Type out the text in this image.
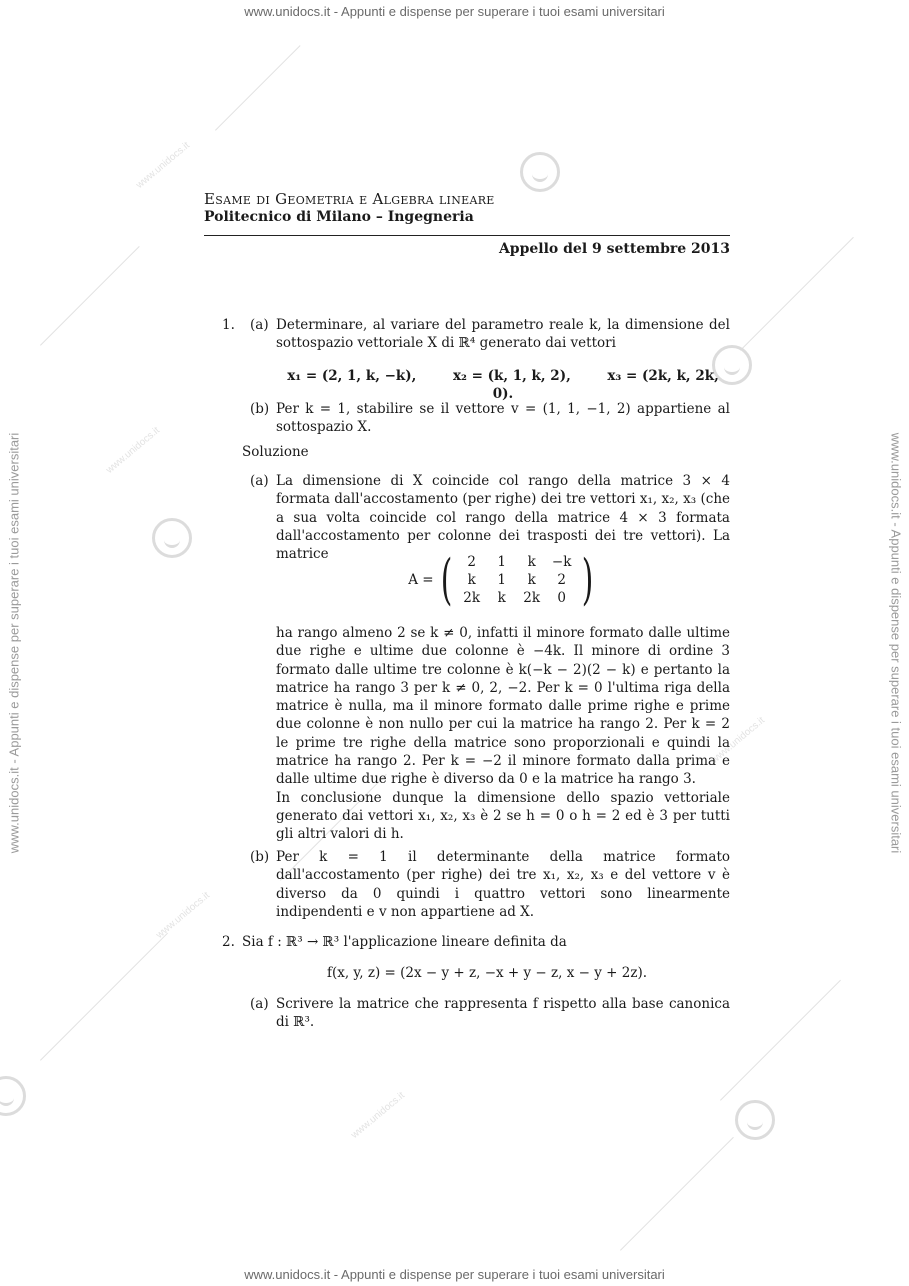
www.unidocs.it - Appunti e dispense per superare i tuoi esami universitari
www.unidocs.it - Appunti e dispense per superare i tuoi esami universitari
www.unidocs.it - Appunti e dispense per superare i tuoi esami universitari	www.unidocs.it - Appunti e dispense per superare i tuoi esami universitari
www.unidocs.it
www.unidocs.it
www.unidocs.it
www.unidocs.it
www.unidocs.it
Esame di Geometria e Algebra lineare
Politecnico di Milano – Ingegneria
Appello del 9 settembre 2013
1.	(a) Determinare, al variare del parametro reale k, la dimensione del sottospazio vettoriale X di ℝ⁴ generato dai vettori
x₁ = (2, 1, k, −k),	x₂ = (k, 1, k, 2),	x₃ = (2k, k, 2k, 0).
(b) Per k = 1, stabilire se il vettore v = (1, 1, −1, 2) appartiene al sottospazio X.
Soluzione
(a) La dimensione di X coincide col rango della matrice 3 × 4 formata dall'accostamento (per righe) dei tre vettori x₁, x₂, x₃ (che a sua volta coincide col rango della matrice 4 × 3 formata dall'accostamento per colonne dei trasposti dei tre vettori). La matrice
A = (	2	1	k	−k
k	1	k	2
2k	k	2k	0 )
ha rango almeno 2 se k ≠ 0, infatti il minore formato dalle ultime due righe e ultime due colonne è −4k. Il minore di ordine 3 formato dalle ultime tre colonne è k(−k − 2)(2 − k) e pertanto la matrice ha rango 3 per k ≠ 0, 2, −2. Per k = 0 l'ultima riga della matrice è nulla, ma il minore formato dalle prime righe e prime due colonne è non nullo per cui la matrice ha rango 2. Per k = 2 le prime tre righe della matrice sono proporzionali e quindi la matrice ha rango 2. Per k = −2 il minore formato dalla prima e dalle ultime due righe è diverso da 0 e la matrice ha rango 3.
In conclusione dunque la dimensione dello spazio vettoriale generato dai vettori x₁, x₂, x₃ è 2 se h = 0 o h = 2 ed è 3 per tutti gli altri valori di h.
(b) Per k = 1 il determinante della matrice formato dall'accostamento (per righe) dei tre x₁, x₂, x₃ e del vettore v è diverso da 0 quindi i quattro vettori sono linearmente indipendenti e v non appartiene ad X.
2. Sia f : ℝ³ → ℝ³ l'applicazione lineare definita da
f(x, y, z) = (2x − y + z, −x + y − z, x − y + 2z).
(a) Scrivere la matrice che rappresenta f rispetto alla base canonica di ℝ³.
